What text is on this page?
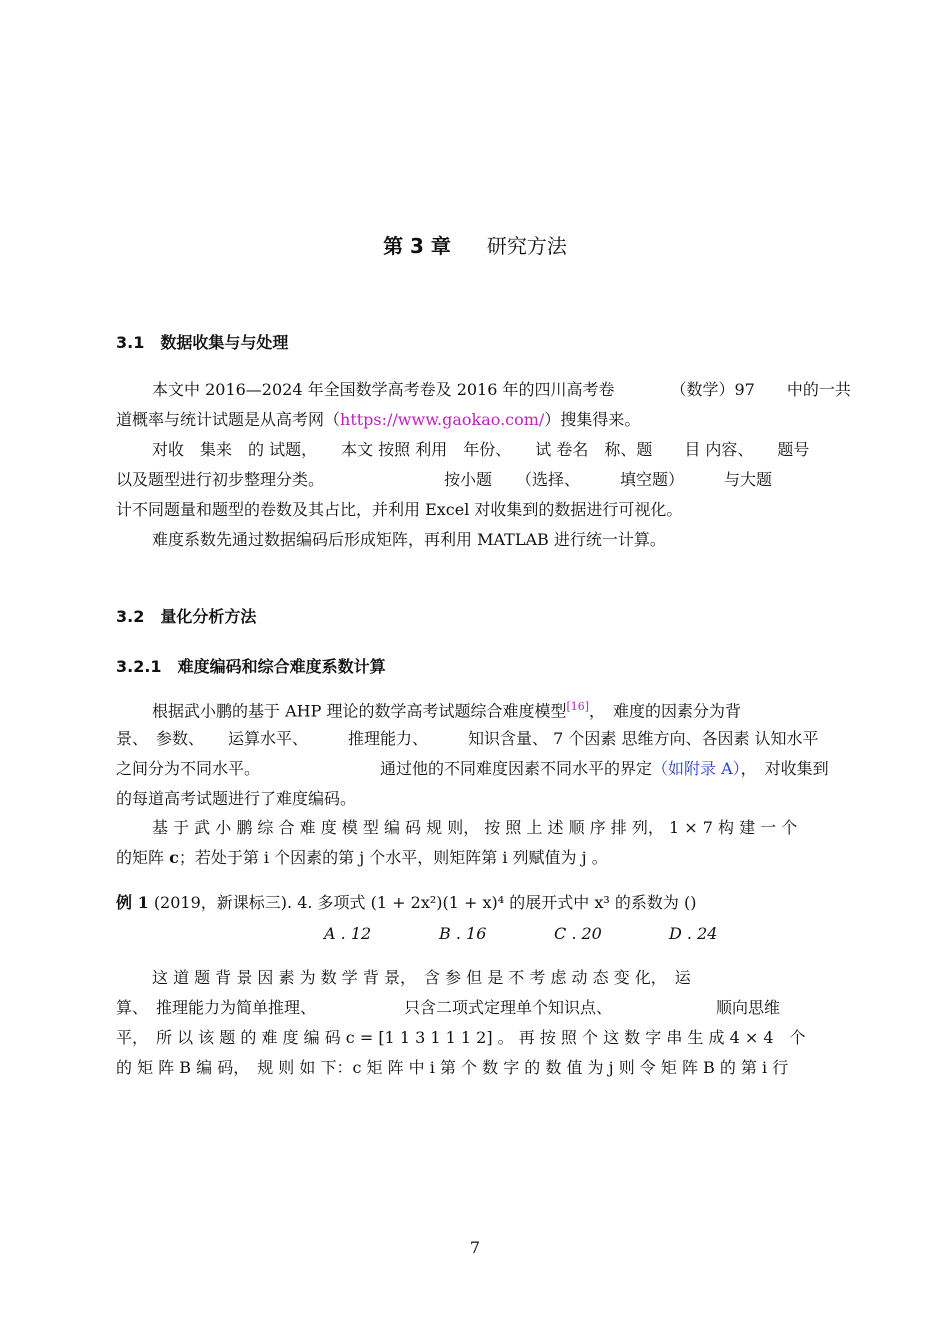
第 3 章 研究方法
3.1 数据收集与与处理

本文中 2016—2024 年全国数学高考卷及 2016 年的四川高考卷　　　　（数学）97　　中的一共

道概率与统计试题是从高考网（https://www.gaokao.com/）搜集得来。

对收　集来　的 试题，　　本文 按照 利用　年份、　　试 卷名　称、题　　目 内容、　　题号

以及题型进行初步整理分类。　　　　　　　　按小题　　（选择、　　　填空题）　　　与大题

计不同题量和题型的卷数及其占比，并利用 Excel 对收集到的数据进行可视化。

难度系数先通过数据编码后形成矩阵，再利用 MATLAB 进行统一计算。

3.2 量化分析方法
3.2.1 难度编码和综合难度系数计算

根据武小鹏的基于 AHP 理论的数学高考试题综合难度模型[16]，　难度的因素分为背

景、　参数、　　运算水平、　　　推理能力、　　　知识含量、 7 个因素 思维方向、各因素 认知水平

之间分为不同水平。　　　　　　　　通过他的不同难度因素不同水平的界定（如附录 A），　对收集到

的每道高考试题进行了难度编码。

基 于 武 小 鹏 综 合 难 度 模 型 编 码 规 则， 按 照 上 述 顺 序 排 列， 1 × 7 构 建 一 个

的矩阵 c；若处于第 i 个因素的第 j 个水平，则矩阵第 i 列赋值为 j 。

例 1 (2019，新课标三). 4. 多项式 (1 + 2x²)(1 + x)⁴ 的展开式中 x³ 的系数为 ()

A . 12	B . 16	C . 20	D . 24

这 道 题 背 景 因 素 为 数 学 背 景，　含 参 但 是 不 考 虑 动 态 变 化，　运

算、　推理能力为简单推理、　　　　　　只含二项式定理单个知识点、　　　　　　　顺向思维

平，　所 以 该 题 的 难 度 编 码 c = [1 1 3 1 1 1 2] 。 再 按 照 个 这 数 字 串 生 成 4 × 4　个

的 矩 阵 B 编 码，　规 则 如 下：c 矩 阵 中 i 第 个 数 字 的 数 值 为 j 则 令 矩 阵 B 的 第 i 行

7
